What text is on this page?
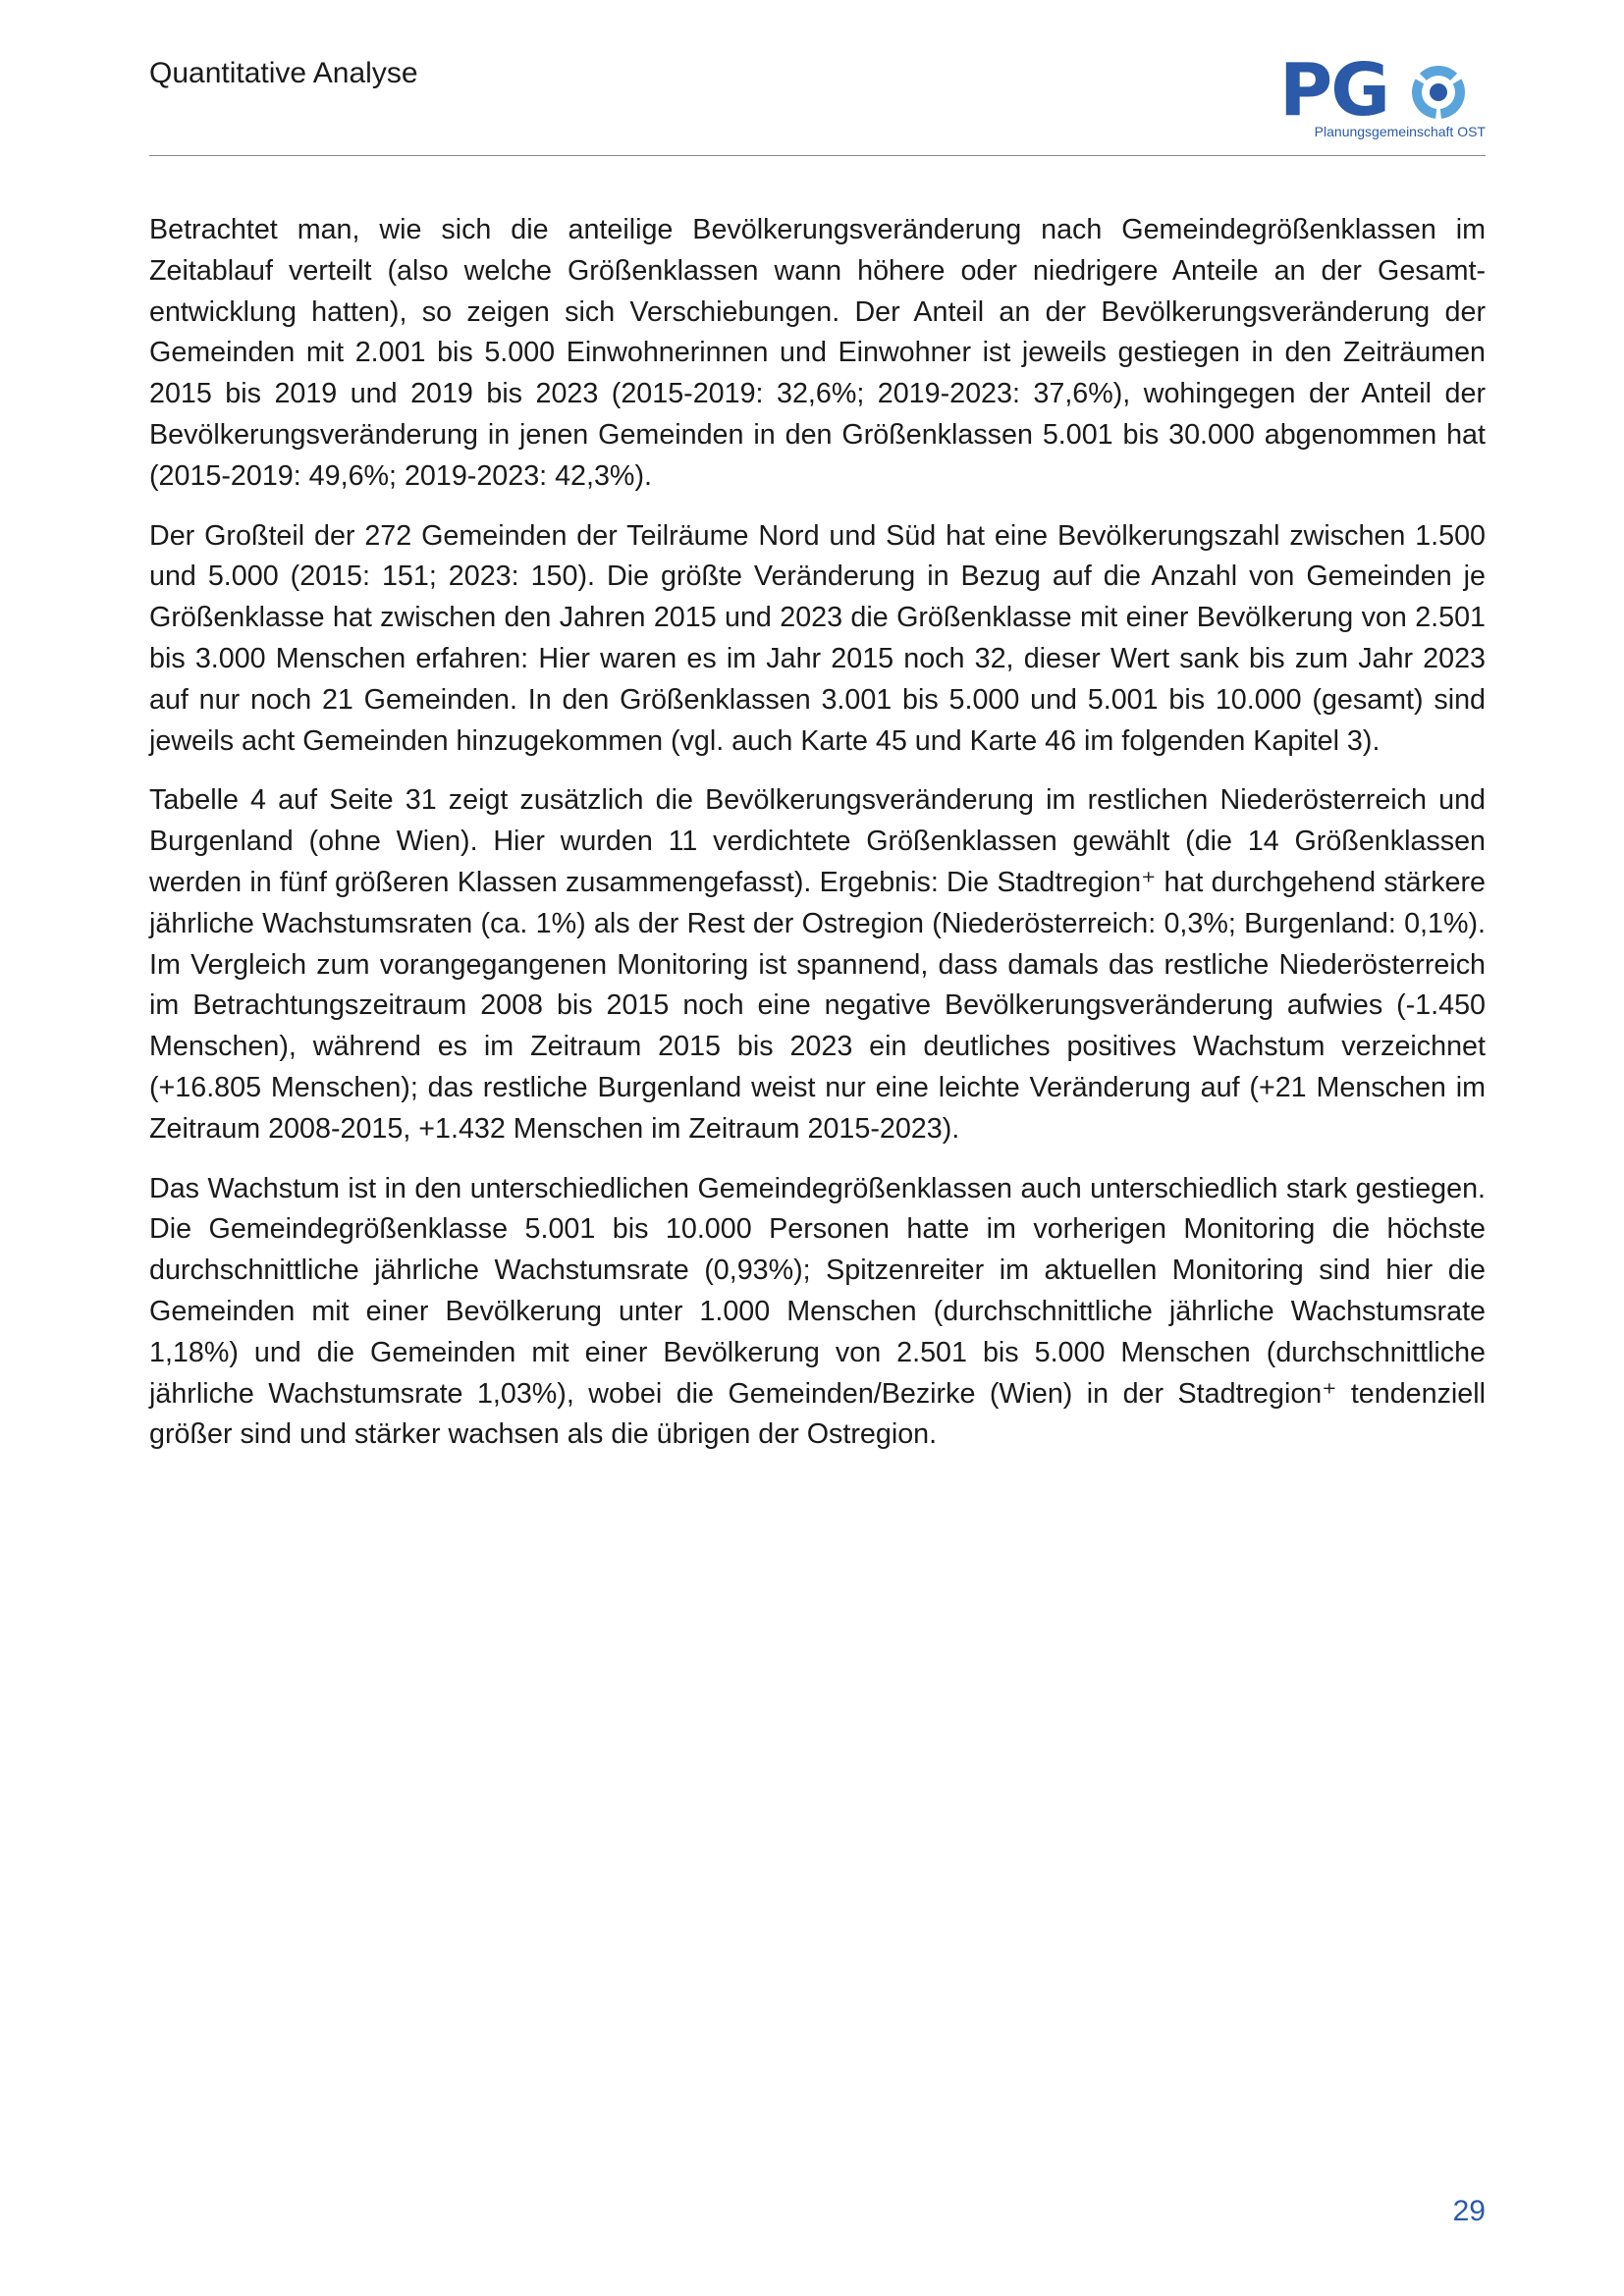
Quantitative Analyse	PG
Planungsgemeinschaft OST

Betrachtet man, wie sich die anteilige Bevölkerungsveränderung nach Gemeindegrößenklassen im Zeitablauf verteilt (also welche Größenklassen wann höhere oder niedrigere Anteile an der Gesamtentwicklung hatten), so zeigen sich Verschiebungen. Der Anteil an der Bevölkerungsveränderung der Gemeinden mit 2.001 bis 5.000 Einwohnerinnen und Einwohner ist jeweils gestiegen in den Zeiträumen 2015 bis 2019 und 2019 bis 2023 (2015-2019: 32,6%; 2019-2023: 37,6%), wohingegen der Anteil der Bevölkerungsveränderung in jenen Gemeinden in den Größenklassen 5.001 bis 30.000 abgenommen hat (2015-2019: 49,6%; 2019-2023: 42,3%).

Der Großteil der 272 Gemeinden der Teilräume Nord und Süd hat eine Bevölkerungszahl zwischen 1.500 und 5.000 (2015: 151; 2023: 150). Die größte Veränderung in Bezug auf die Anzahl von Gemeinden je Größenklasse hat zwischen den Jahren 2015 und 2023 die Größenklasse mit einer Bevölkerung von 2.501 bis 3.000 Menschen erfahren: Hier waren es im Jahr 2015 noch 32, dieser Wert sank bis zum Jahr 2023 auf nur noch 21 Gemeinden. In den Größenklassen 3.001 bis 5.000 und 5.001 bis 10.000 (gesamt) sind jeweils acht Gemeinden hinzugekommen (vgl. auch Karte 45 und Karte 46 im folgenden Kapitel 3).

Tabelle 4 auf Seite 31 zeigt zusätzlich die Bevölkerungsveränderung im restlichen Niederösterreich und Burgenland (ohne Wien). Hier wurden 11 verdichtete Größenklassen gewählt (die 14 Größenklassen werden in fünf größeren Klassen zusammengefasst). Ergebnis: Die Stadtregion⁺ hat durchgehend stärkere jährliche Wachstumsraten (ca. 1%) als der Rest der Ostregion (Niederösterreich: 0,3%; Burgenland: 0,1%). Im Vergleich zum vorangegangenen Monitoring ist spannend, dass damals das restliche Niederösterreich im Betrachtungszeitraum 2008 bis 2015 noch eine negative Bevölkerungsveränderung aufwies (-1.450 Menschen), während es im Zeitraum 2015 bis 2023 ein deutliches positives Wachstum verzeichnet (+16.805 Menschen); das restliche Burgenland weist nur eine leichte Veränderung auf (+21 Menschen im Zeitraum 2008-2015, +1.432 Menschen im Zeitraum 2015-2023).

Das Wachstum ist in den unterschiedlichen Gemeindegrößenklassen auch unterschiedlich stark gestiegen. Die Gemeindegrößenklasse 5.001 bis 10.000 Personen hatte im vorherigen Monitoring die höchste durchschnittliche jährliche Wachstumsrate (0,93%); Spitzenreiter im aktuellen Monitoring sind hier die Gemeinden mit einer Bevölkerung unter 1.000 Menschen (durchschnittliche jährliche Wachstumsrate 1,18%) und die Gemeinden mit einer Bevölkerung von 2.501 bis 5.000 Menschen (durchschnittliche jährliche Wachstumsrate 1,03%), wobei die Gemeinden/Bezirke (Wien) in der Stadtregion⁺ tendenziell größer sind und stärker wachsen als die übrigen der Ostregion.

29
